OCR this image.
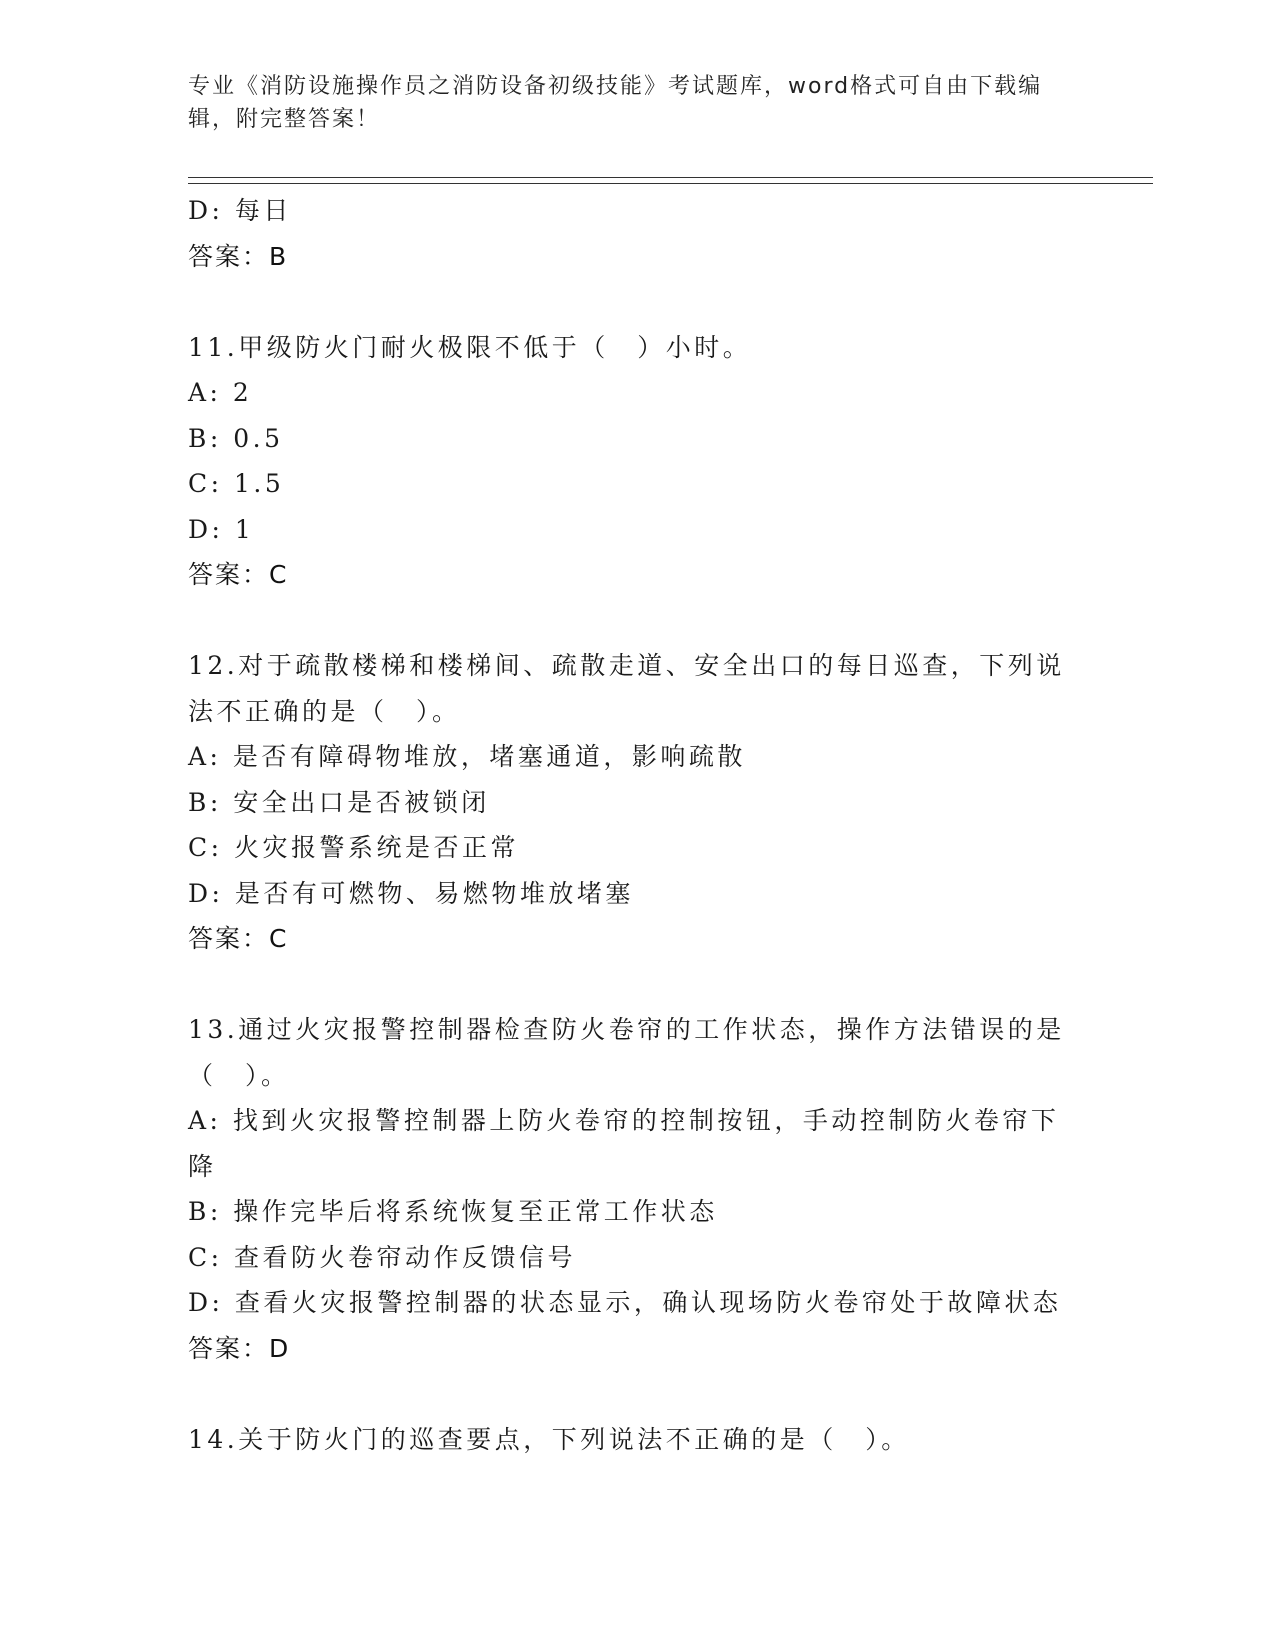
专业《消防设施操作员之消防设备初级技能》考试题库，word格式可自由下载编辑，附完整答案！
D: 每日
答案：B
11.甲级防火门耐火极限不低于（　）小时。
A: 2
B: 0.5
C: 1.5
D: 1
答案：C
12.对于疏散楼梯和楼梯间、疏散走道、安全出口的每日巡查，下列说
法不正确的是（　）。
A: 是否有障碍物堆放，堵塞通道，影响疏散
B: 安全出口是否被锁闭
C: 火灾报警系统是否正常
D: 是否有可燃物、易燃物堆放堵塞
答案：C
13.通过火灾报警控制器检查防火卷帘的工作状态，操作方法错误的是
（　）。
A: 找到火灾报警控制器上防火卷帘的控制按钮，手动控制防火卷帘下
降
B: 操作完毕后将系统恢复至正常工作状态
C: 查看防火卷帘动作反馈信号
D: 查看火灾报警控制器的状态显示，确认现场防火卷帘处于故障状态
答案：D
14.关于防火门的巡查要点，下列说法不正确的是（　）。
